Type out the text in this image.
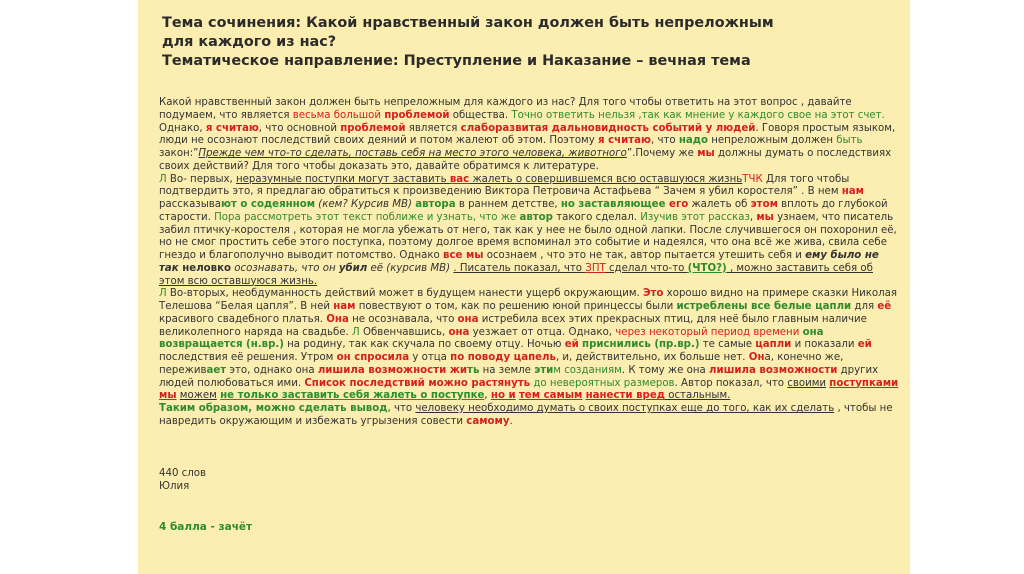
Тема сочинения: Какой нравственный закон должен быть непреложным
для каждого из нас?
Тематическое направление: Преступление и Наказание – вечная тема

Какой нравственный закон должен быть непреложным для каждого из нас? Для того чтобы ответить на этот вопрос , давайте подумаем, что является весьма большой проблемой общества. Точно ответить нельзя ,так как мнение у каждого свое на этот счет. Однако, я считаю, что основной проблемой является слаборазвитая дальновидность событий у людей. Говоря простым языком, люди не осознают последствий своих деяний и потом жалеют об этом. Поэтому я считаю, что надо непреложным должен быть закон:”Прежде чем что-то сделать, поставь себя на место этого человека, животного”.Почему же мы должны думать о последствиях своих действий? Для того чтобы доказать это, давайте обратимся к литературе.

Л Во- первых, неразумные поступки могут заставить вас жалеть о совершившемся всю оставшуюся жизньТЧК Для того чтобы подтвердить это, я предлагаю обратиться к произведению Виктора Петровича Астафьева “ Зачем я убил коростеля” . В нем нам рассказывают о содеянном (кем? Курсив МВ) автора в раннем детстве, но заставляющее его жалеть об этом вплоть до глубокой старости. Пора рассмотреть этот текст поближе и узнать, что же автор такого сделал. Изучив этот рассказ, мы узнаем, что писатель забил птичку-коростеля , которая не могла убежать от него, так как у нее не было одной лапки. После случившегося он похоронил её, но не смог простить себе этого поступка, поэтому долгое время вспоминал это событие и надеялся, что она всё же жива, свила себе гнездо и благополучно выводит потомство. Однако все мы осознаем , что это не так, автор пытается утешить себя и ему было не так неловко осознавать, что он убил её (курсив МВ) . Писатель показал, что ЗПТ сделал что-то (ЧТО?) , можно заставить себя об этом всю оставшуюся жизнь.

Л Во-вторых, необдуманность действий может в будущем нанести ущерб окружающим. Это хорошо видно на примере сказки Николая Телешова “Белая цапля”. В ней нам повествуют о том, как по решению юной принцессы были истреблены все белые цапли для её красивого свадебного платья. Она не осознавала, что она истребила всех этих прекрасных птиц, для неё было главным наличие великолепного наряда на свадьбе. Л Обвенчавшись, она уезжает от отца. Однако, через некоторый период времени она возвращается (н.вр.) на родину, так как скучала по своему отцу. Ночью ей приснились (пр.вр.) те самые цапли и показали ей последствия её решения. Утром он спросила у отца по поводу цапель, и, действительно, их больше нет. Она, конечно же, переживает это, однако она лишила возможности жить на земле этим созданиям. К тому же она лишила возможности других людей полюбоваться ими. Список последствий можно растянуть до невероятных размеров. Автор показал, что своими поступками мы можем не только заставить себя жалеть о поступке, но и тем самым нанести вред остальным.

Таким образом, можно сделать вывод, что человеку необходимо думать о своих поступках еще до того, как их сделать , чтобы не навредить окружающим и избежать угрызения совести самому.

440 слов
Юлия
4 балла - зачёт
